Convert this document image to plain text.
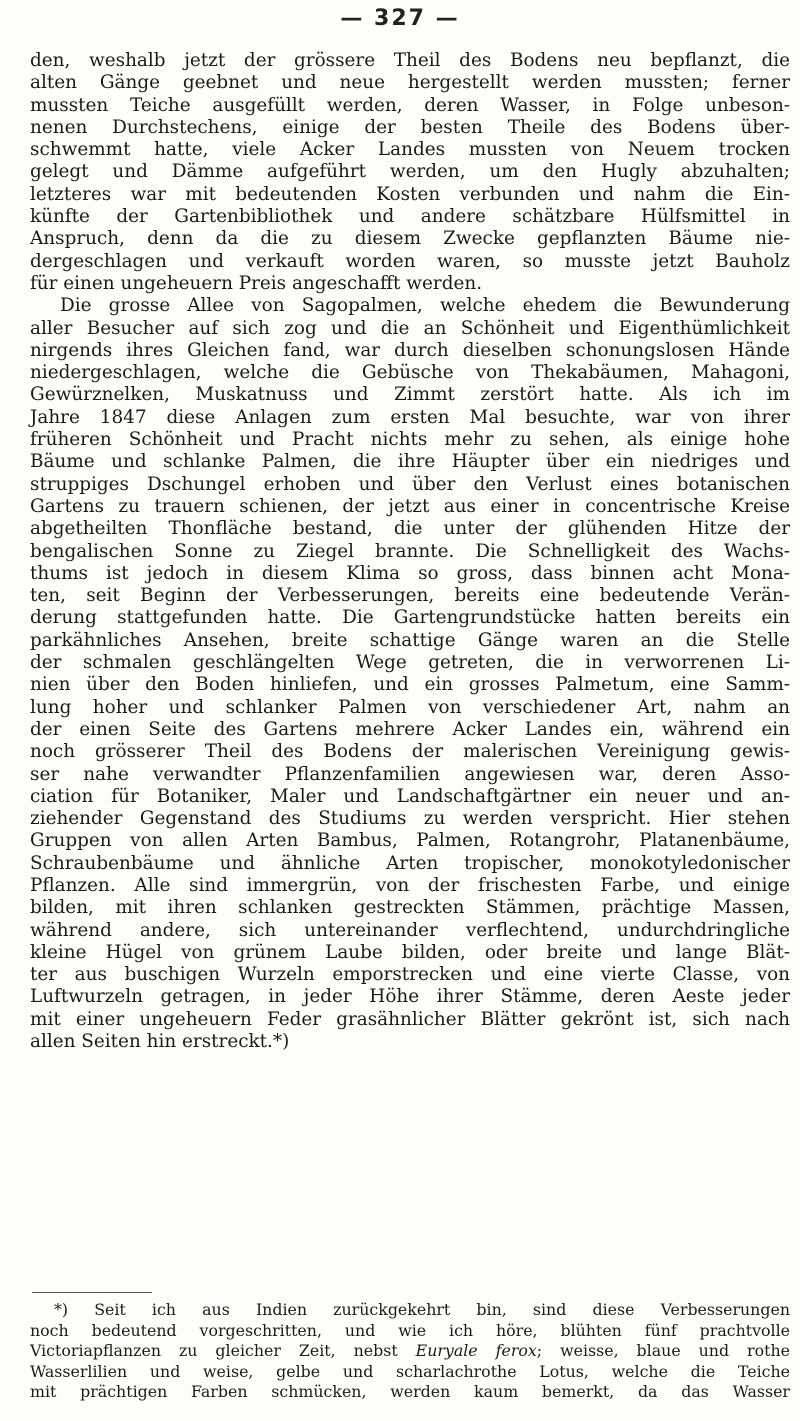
— 327 —
den, weshalb jetzt der grössere Theil des Bodens neu bepflanzt, die
alten Gänge geebnet und neue hergestellt werden mussten; ferner
mussten Teiche ausgefüllt werden, deren Wasser, in Folge unbeson-
nenen Durchstechens, einige der besten Theile des Bodens über-
schwemmt hatte, viele Acker Landes mussten von Neuem trocken
gelegt und Dämme aufgeführt werden, um den Hugly abzuhalten;
letzteres war mit bedeutenden Kosten verbunden und nahm die Ein-
künfte der Gartenbibliothek und andere schätzbare Hülfsmittel in
Anspruch, denn da die zu diesem Zwecke gepflanzten Bäume nie-
dergeschlagen und verkauft worden waren, so musste jetzt Bauholz
für einen ungeheuern Preis angeschafft werden.
Die grosse Allee von Sagopalmen, welche ehedem die Bewunderung
aller Besucher auf sich zog und die an Schönheit und Eigenthümlichkeit
nirgends ihres Gleichen fand, war durch dieselben schonungslosen Hände
niedergeschlagen, welche die Gebüsche von Thekabäumen, Mahagoni,
Gewürznelken, Muskatnuss und Zimmt zerstört hatte. Als ich im
Jahre 1847 diese Anlagen zum ersten Mal besuchte, war von ihrer
früheren Schönheit und Pracht nichts mehr zu sehen, als einige hohe
Bäume und schlanke Palmen, die ihre Häupter über ein niedriges und
struppiges Dschungel erhoben und über den Verlust eines botanischen
Gartens zu trauern schienen, der jetzt aus einer in concentrische Kreise
abgetheilten Thonfläche bestand, die unter der glühenden Hitze der
bengalischen Sonne zu Ziegel brannte. Die Schnelligkeit des Wachs-
thums ist jedoch in diesem Klima so gross, dass binnen acht Mona-
ten, seit Beginn der Verbesserungen, bereits eine bedeutende Verän-
derung stattgefunden hatte. Die Gartengrundstücke hatten bereits ein
parkähnliches Ansehen, breite schattige Gänge waren an die Stelle
der schmalen geschlängelten Wege getreten, die in verworrenen Li-
nien über den Boden hinliefen, und ein grosses Palmetum, eine Samm-
lung hoher und schlanker Palmen von verschiedener Art, nahm an
der einen Seite des Gartens mehrere Acker Landes ein, während ein
noch grösserer Theil des Bodens der malerischen Vereinigung gewis-
ser nahe verwandter Pflanzenfamilien angewiesen war, deren Asso-
ciation für Botaniker, Maler und Landschaftgärtner ein neuer und an-
ziehender Gegenstand des Studiums zu werden verspricht. Hier stehen
Gruppen von allen Arten Bambus, Palmen, Rotangrohr, Platanenbäume,
Schraubenbäume und ähnliche Arten tropischer, monokotyledonischer
Pflanzen. Alle sind immergrün, von der frischesten Farbe, und einige
bilden, mit ihren schlanken gestreckten Stämmen, prächtige Massen,
während andere, sich untereinander verflechtend, undurchdringliche
kleine Hügel von grünem Laube bilden, oder breite und lange Blät-
ter aus buschigen Wurzeln emporstrecken und eine vierte Classe, von
Luftwurzeln getragen, in jeder Höhe ihrer Stämme, deren Aeste jeder
mit einer ungeheuern Feder grasähnlicher Blätter gekrönt ist, sich nach
allen Seiten hin erstreckt.*)
*) Seit ich aus Indien zurückgekehrt bin, sind diese Verbesserungen
noch bedeutend vorgeschritten, und wie ich höre, blühten fünf prachtvolle
Victoriapflanzen zu gleicher Zeit, nebst Euryale ferox; weisse, blaue und rothe
Wasserlilien und weise, gelbe und scharlachrothe Lotus, welche die Teiche
mit prächtigen Farben schmücken, werden kaum bemerkt, da das Wasser
